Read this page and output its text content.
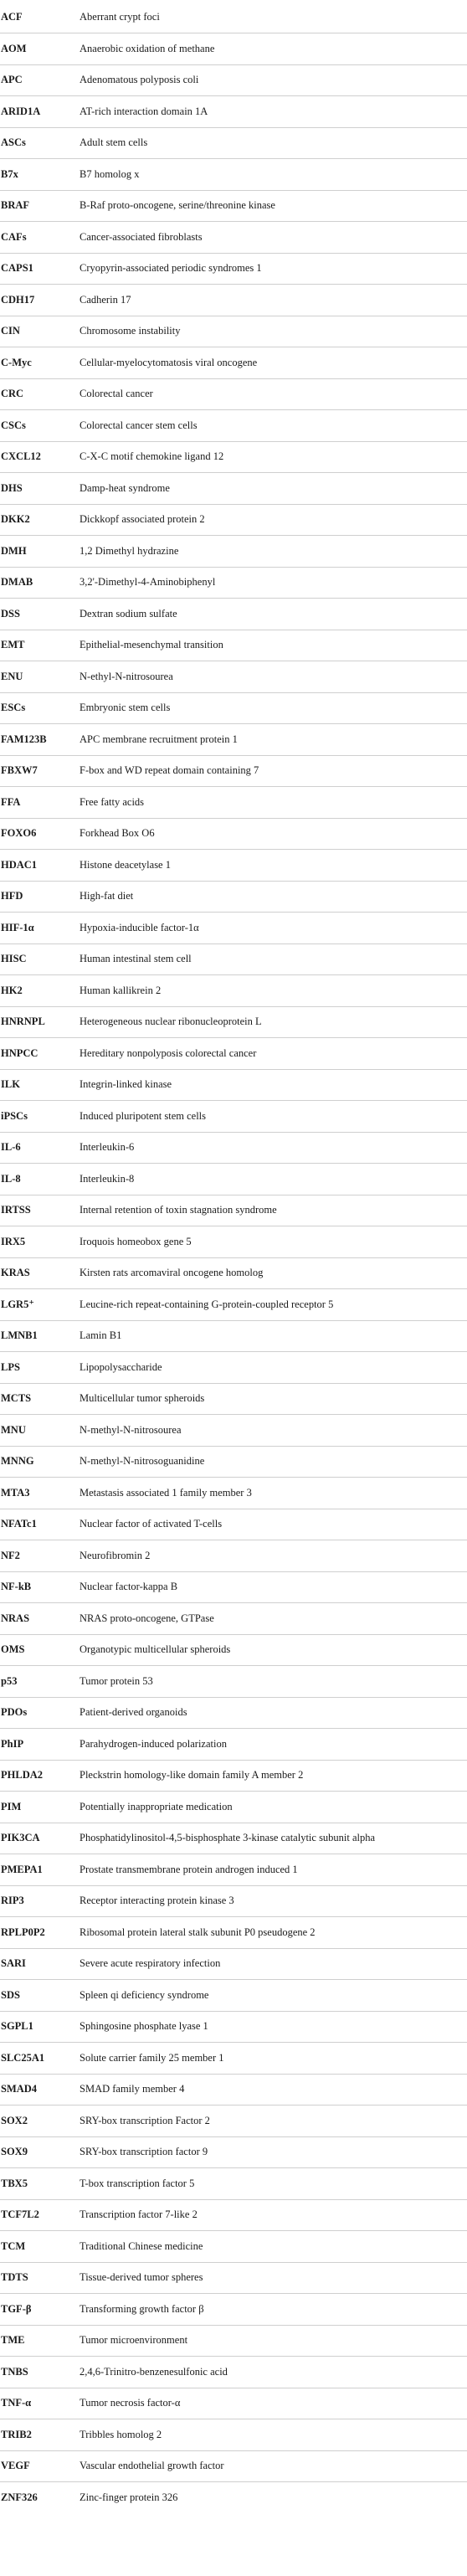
ACF	Aberrant crypt foci
AOM	Anaerobic oxidation of methane
APC	Adenomatous polyposis coli
ARID1A	AT-rich interaction domain 1A
ASCs	Adult stem cells
B7x	B7 homolog x
BRAF	B-Raf proto-oncogene, serine/threonine kinase
CAFs	Cancer-associated fibroblasts
CAPS1	Cryopyrin-associated periodic syndromes 1
CDH17	Cadherin 17
CIN	Chromosome instability
C-Myc	Cellular-myelocytomatosis viral oncogene
CRC	Colorectal cancer
CSCs	Colorectal cancer stem cells
CXCL12	C-X-C motif chemokine ligand 12
DHS	Damp-heat syndrome
DKK2	Dickkopf associated protein 2
DMH	1,2 Dimethyl hydrazine
DMAB	3,2'-Dimethyl-4-Aminobiphenyl
DSS	Dextran sodium sulfate
EMT	Epithelial-mesenchymal transition
ENU	N-ethyl-N-nitrosourea
ESCs	Embryonic stem cells
FAM123B	APC membrane recruitment protein 1
FBXW7	F-box and WD repeat domain containing 7
FFA	Free fatty acids
FOXO6	Forkhead Box O6
HDAC1	Histone deacetylase 1
HFD	High-fat diet
HIF-1α	Hypoxia-inducible factor-1α
HISC	Human intestinal stem cell
HK2	Human kallikrein 2
HNRNPL	Heterogeneous nuclear ribonucleoprotein L
HNPCC	Hereditary nonpolyposis colorectal cancer
ILK	Integrin-linked kinase
iPSCs	Induced pluripotent stem cells
IL-6	Interleukin-6
IL-8	Interleukin-8
IRTSS	Internal retention of toxin stagnation syndrome
IRX5	Iroquois homeobox gene 5
KRAS	Kirsten rats arcomaviral oncogene homolog
LGR5⁺	Leucine-rich repeat-containing G-protein-coupled receptor 5
LMNB1	Lamin B1
LPS	Lipopolysaccharide
MCTS	Multicellular tumor spheroids
MNU	N-methyl-N-nitrosourea
MNNG	N-methyl-N-nitrosoguanidine
MTA3	Metastasis associated 1 family member 3
NFATc1	Nuclear factor of activated T-cells
NF2	Neurofibromin 2
NF-kB	Nuclear factor-kappa B
NRAS	NRAS proto-oncogene, GTPase
OMS	Organotypic multicellular spheroids
p53	Tumor protein 53
PDOs	Patient-derived organoids
PhIP	Parahydrogen-induced polarization
PHLDA2	Pleckstrin homology-like domain family A member 2
PIM	Potentially inappropriate medication
PIK3CA	Phosphatidylinositol-4,5-bisphosphate 3-kinase catalytic subunit alpha
PMEPA1	Prostate transmembrane protein androgen induced 1
RIP3	Receptor interacting protein kinase 3
RPLP0P2	Ribosomal protein lateral stalk subunit P0 pseudogene 2
SARI	Severe acute respiratory infection
SDS	Spleen qi deficiency syndrome
SGPL1	Sphingosine phosphate lyase 1
SLC25A1	Solute carrier family 25 member 1
SMAD4	SMAD family member 4
SOX2	SRY-box transcription Factor 2
SOX9	SRY-box transcription factor 9
TBX5	T-box transcription factor 5
TCF7L2	Transcription factor 7-like 2
TCM	Traditional Chinese medicine
TDTS	Tissue-derived tumor spheres
TGF-β	Transforming growth factor β
TME	Tumor microenvironment
TNBS	2,4,6-Trinitro-benzenesulfonic acid
TNF-α	Tumor necrosis factor-α
TRIB2	Tribbles homolog 2
VEGF	Vascular endothelial growth factor
ZNF326	Zinc-finger protein 326
